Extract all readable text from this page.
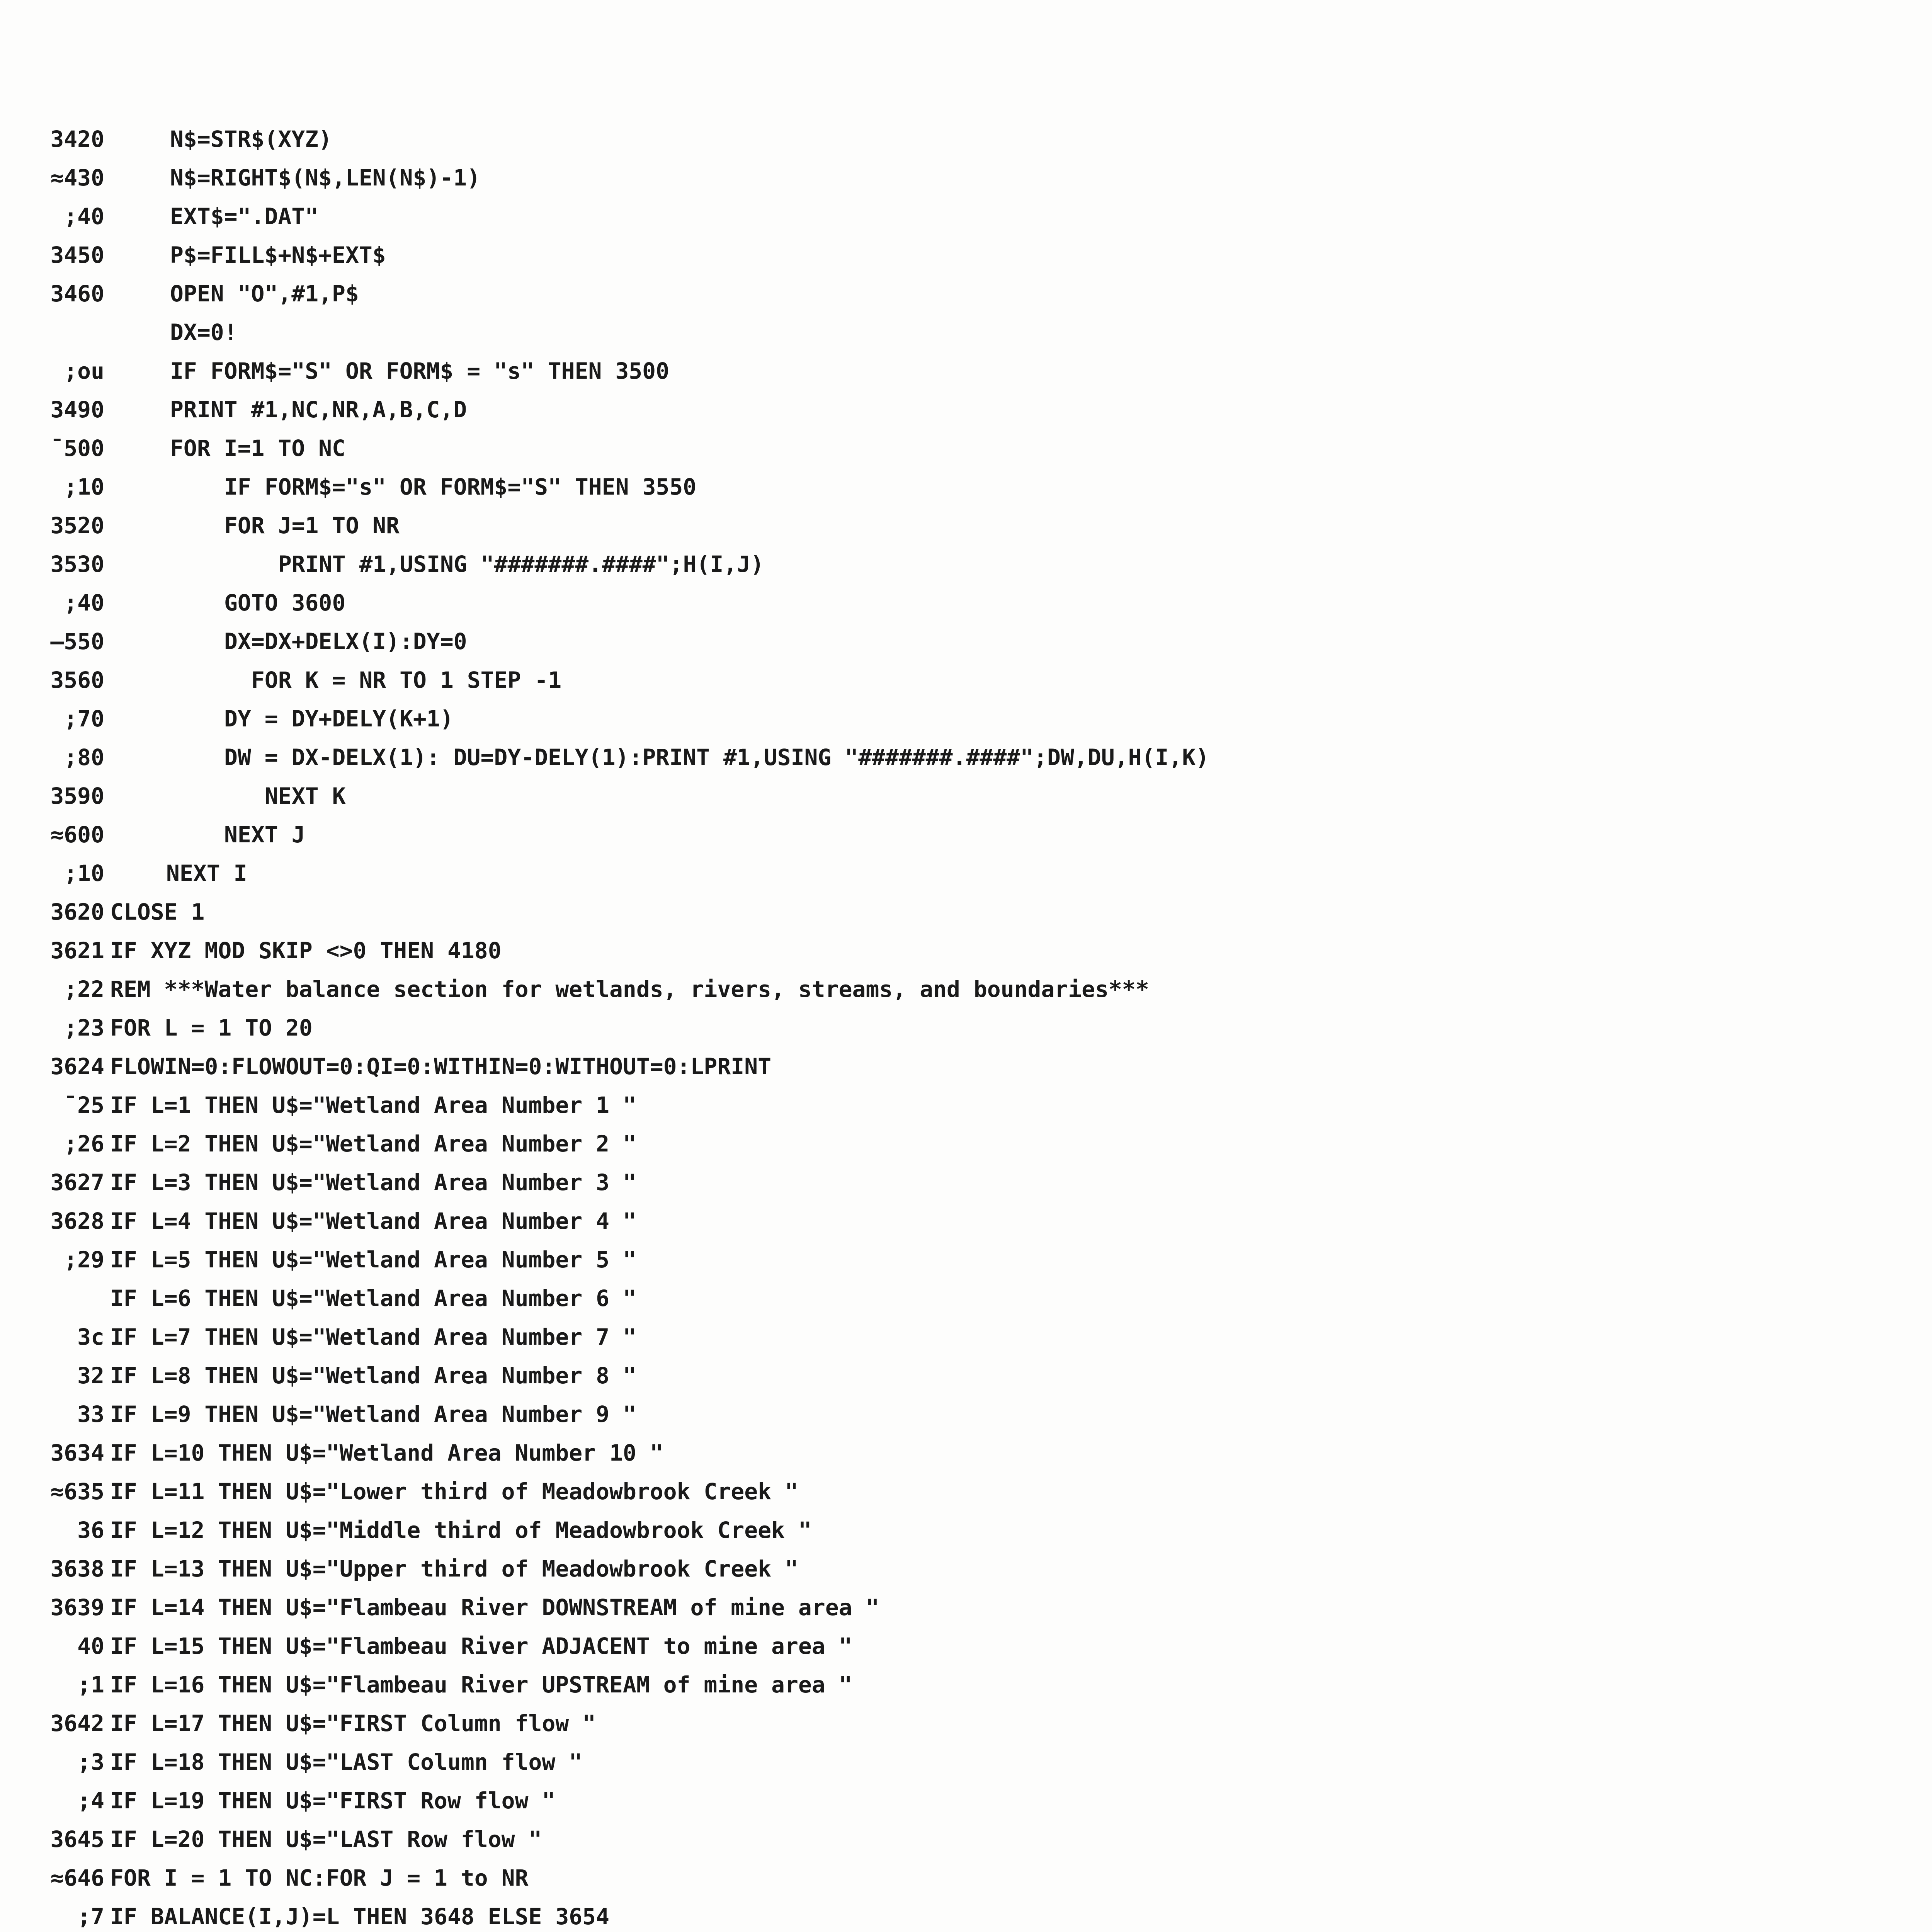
3420	N$=STR$(XYZ)
≈430	N$=RIGHT$(N$,LEN(N$)-1)
;40	EXT$=".DAT"
3450	P$=FILL$+N$+EXT$
3460	OPEN "O",#1,P$
DX=0!
;ou	IF FORM$="S" OR FORM$ = "s" THEN 3500
3490	PRINT #1,NC,NR,A,B,C,D
¯500	FOR I=1 TO NC
;10	IF FORM$="s" OR FORM$="S" THEN 3550
3520	FOR J=1 TO NR
3530	PRINT #1,USING "#######.####";H(I,J)
;40	GOTO 3600
—550	DX=DX+DELX(I):DY=0
3560	FOR K = NR TO 1 STEP -1
;70	DY = DY+DELY(K+1)
;80	DW = DX-DELX(1): DU=DY-DELY(1):PRINT #1,USING "#######.####";DW,DU,H(I,K)
3590	NEXT K
≈600	NEXT J
;10	NEXT I
3620 CLOSE 1
3621 IF XYZ MOD SKIP <>0 THEN 4180
;22 REM ***Water balance section for wetlands, rivers, streams, and boundaries***
;23 FOR L = 1 TO 20
3624 FLOWIN=0:FLOWOUT=0:QI=0:WITHIN=0:WITHOUT=0:LPRINT
¯25 IF L=1 THEN U$="Wetland Area Number 1 "
;26 IF L=2 THEN U$="Wetland Area Number 2 "
3627 IF L=3 THEN U$="Wetland Area Number 3 "
3628 IF L=4 THEN U$="Wetland Area Number 4 "
;29 IF L=5 THEN U$="Wetland Area Number 5 "
IF L=6 THEN U$="Wetland Area Number 6 "
3c IF L=7 THEN U$="Wetland Area Number 7 "
32 IF L=8 THEN U$="Wetland Area Number 8 "
33 IF L=9 THEN U$="Wetland Area Number 9 "
3634 IF L=10 THEN U$="Wetland Area Number 10 "
≈635 IF L=11 THEN U$="Lower third of Meadowbrook Creek "
36 IF L=12 THEN U$="Middle third of Meadowbrook Creek "
3638 IF L=13 THEN U$="Upper third of Meadowbrook Creek "
3639 IF L=14 THEN U$="Flambeau River DOWNSTREAM of mine area "
40 IF L=15 THEN U$="Flambeau River ADJACENT to mine area "
;1 IF L=16 THEN U$="Flambeau River UPSTREAM of mine area "
3642 IF L=17 THEN U$="FIRST Column flow "
;3 IF L=18 THEN U$="LAST Column flow "
;4 IF L=19 THEN U$="FIRST Row flow "
3645 IF L=20 THEN U$="LAST Row flow "
≈646 FOR I = 1 TO NC:FOR J = 1 to NR
;7 IF BALANCE(I,J)=L THEN 3648 ELSE 3654
